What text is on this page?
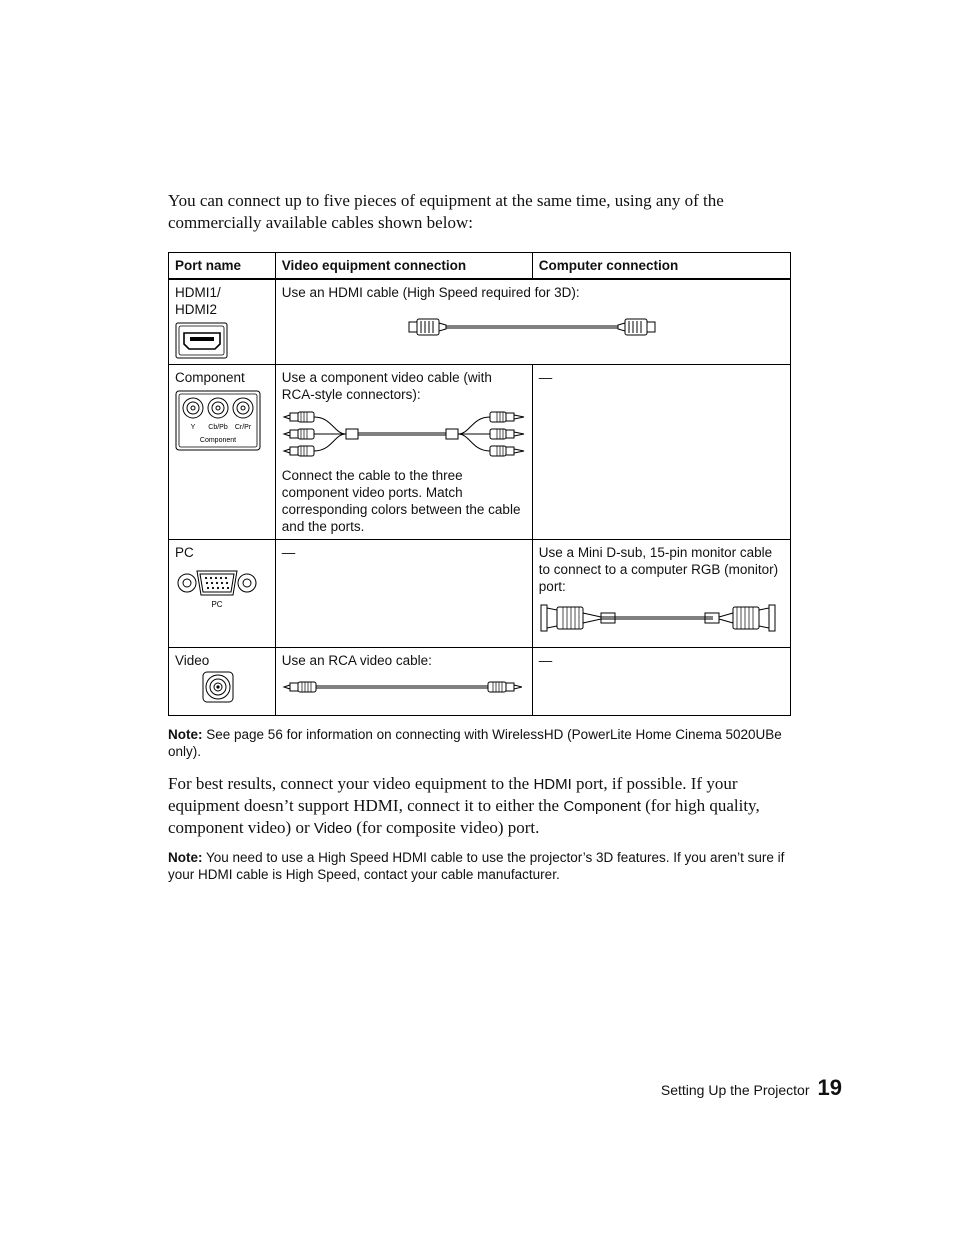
You can connect up to five pieces of equipment at the same time, using any of the commercially available cables shown below:

Port name	Video equipment connection	Computer connection

HDMI1/
HDMI2	Use an HDMI cable (High Speed required for 3D):	

Component
Y Cb/Pb Cr/Pr
Component	Use a component video cable (with RCA-style connectors):
Connect the cable to the three component video ports. Match corresponding colors between the cable and the ports.	—

PC
PC	—	Use a Mini D-sub, 15-pin monitor cable to connect to a computer RGB (monitor) port:

Video	Use an RCA video cable:	—

Note: See page 56 for information on connecting with WirelessHD (PowerLite Home Cinema 5020UBe only).

For best results, connect your video equipment to the HDMI port, if possible. If your equipment doesn’t support HDMI, connect it to either the Component (for high quality, component video) or Video (for composite video) port.

Note: You need to use a High Speed HDMI cable to use the projector’s 3D features. If you aren’t sure if your HDMI cable is High Speed, contact your cable manufacturer.

Setting Up the Projector 19
